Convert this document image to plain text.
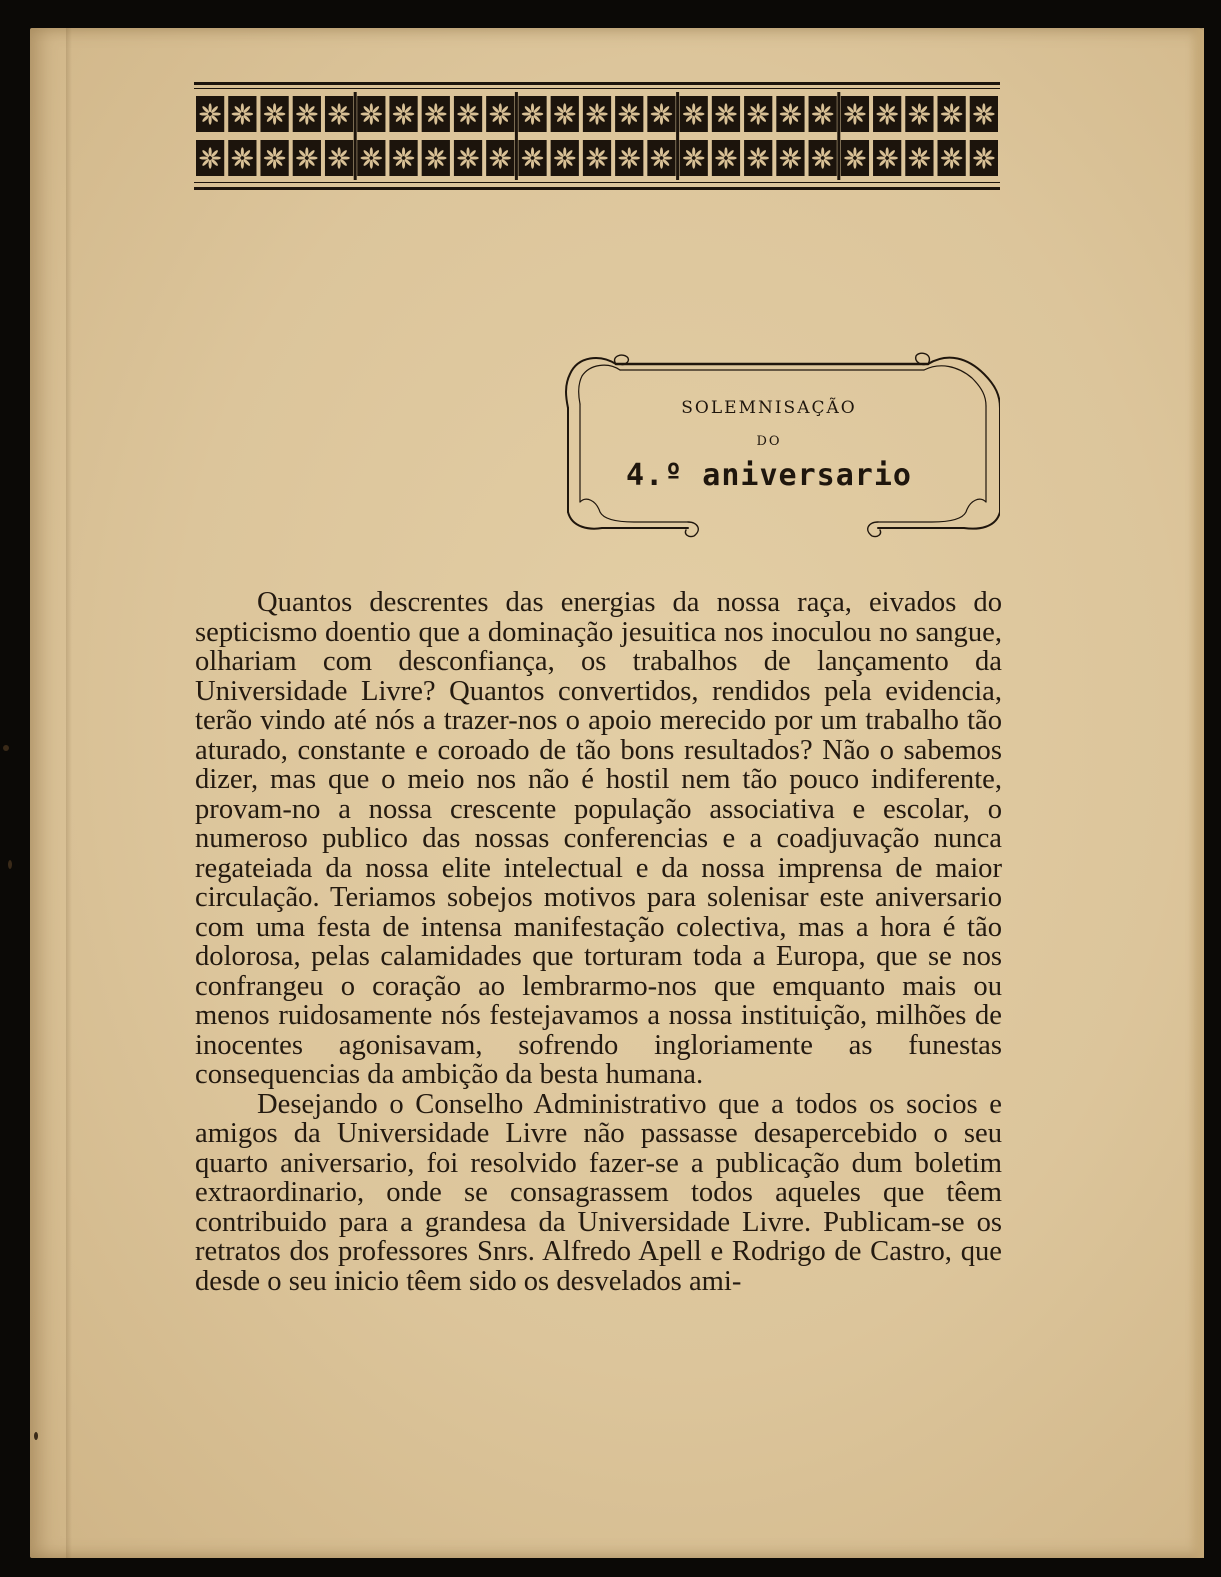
SOLEMNISAÇÃO
DO
4.º aniversario

Quantos descrentes das energias da nossa raça, eivados do septicismo doentio que a dominação jesuitica nos inoculou no sangue, olhariam com desconfiança, os trabalhos de lançamento da Universidade Livre? Quantos convertidos, rendidos pela evidencia, terão vindo até nós a trazer-nos o apoio merecido por um trabalho tão aturado, constante e coroado de tão bons resultados? Não o sabemos dizer, mas que o meio nos não é hostil nem tão pouco indiferente, provam-no a nossa crescente população associativa e escolar, o numeroso publico das nossas conferencias e a coadjuvação nunca regateiada da nossa elite intelectual e da nossa imprensa de maior circulação. Teriamos sobejos motivos para solenisar este aniversario com uma festa de intensa manifestação colectiva, mas a hora é tão dolorosa, pelas calamidades que torturam toda a Europa, que se nos confrangeu o coração ao lembrarmo-nos que emquanto mais ou menos ruidosamente nós festejavamos a nossa instituição, milhões de inocentes agonisavam, sofrendo ingloriamente as funestas consequencias da ambição da besta humana.

Desejando o Conselho Administrativo que a todos os socios e amigos da Universidade Livre não passasse desapercebido o seu quarto aniversario, foi resolvido fazer-se a publicação dum boletim extraordinario, onde se consagrassem todos aqueles que têem contribuido para a grandesa da Universidade Livre. Publicam-se os retratos dos professores Snrs. Alfredo Apell e Rodrigo de Castro, que desde o seu inicio têem sido os desvelados ami-
